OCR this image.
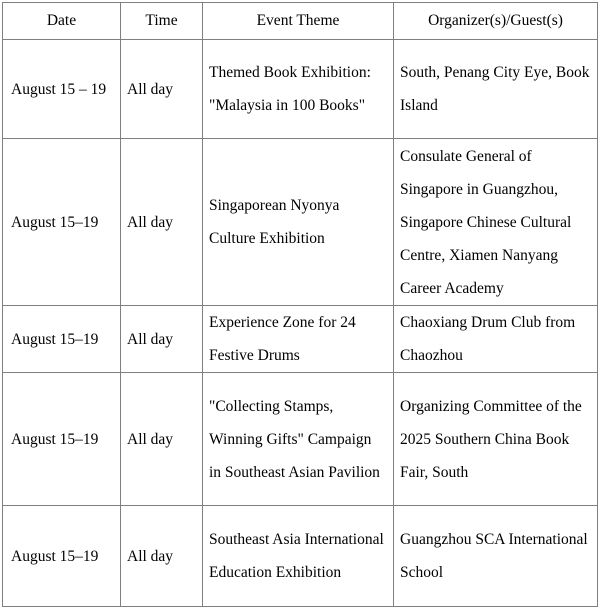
Date	Time	Event Theme	Organizer(s)/Guest(s)
August 15 – 19	All day	Themed Book Exhibition: "Malaysia in 100 Books"	South, Penang City Eye, Book Island
August 15–19	All day	Singaporean Nyonya Culture Exhibition	Consulate General of Singapore in Guangzhou, Singapore Chinese Cultural Centre, Xiamen Nanyang Career Academy
August 15–19	All day	Experience Zone for 24 Festive Drums	Chaoxiang Drum Club from Chaozhou
August 15–19	All day	"Collecting Stamps, Winning Gifts" Campaign in Southeast Asian Pavilion	Organizing Committee of the 2025 Southern China Book Fair, South
August 15–19	All day	Southeast Asia International Education Exhibition	Guangzhou SCA International School
